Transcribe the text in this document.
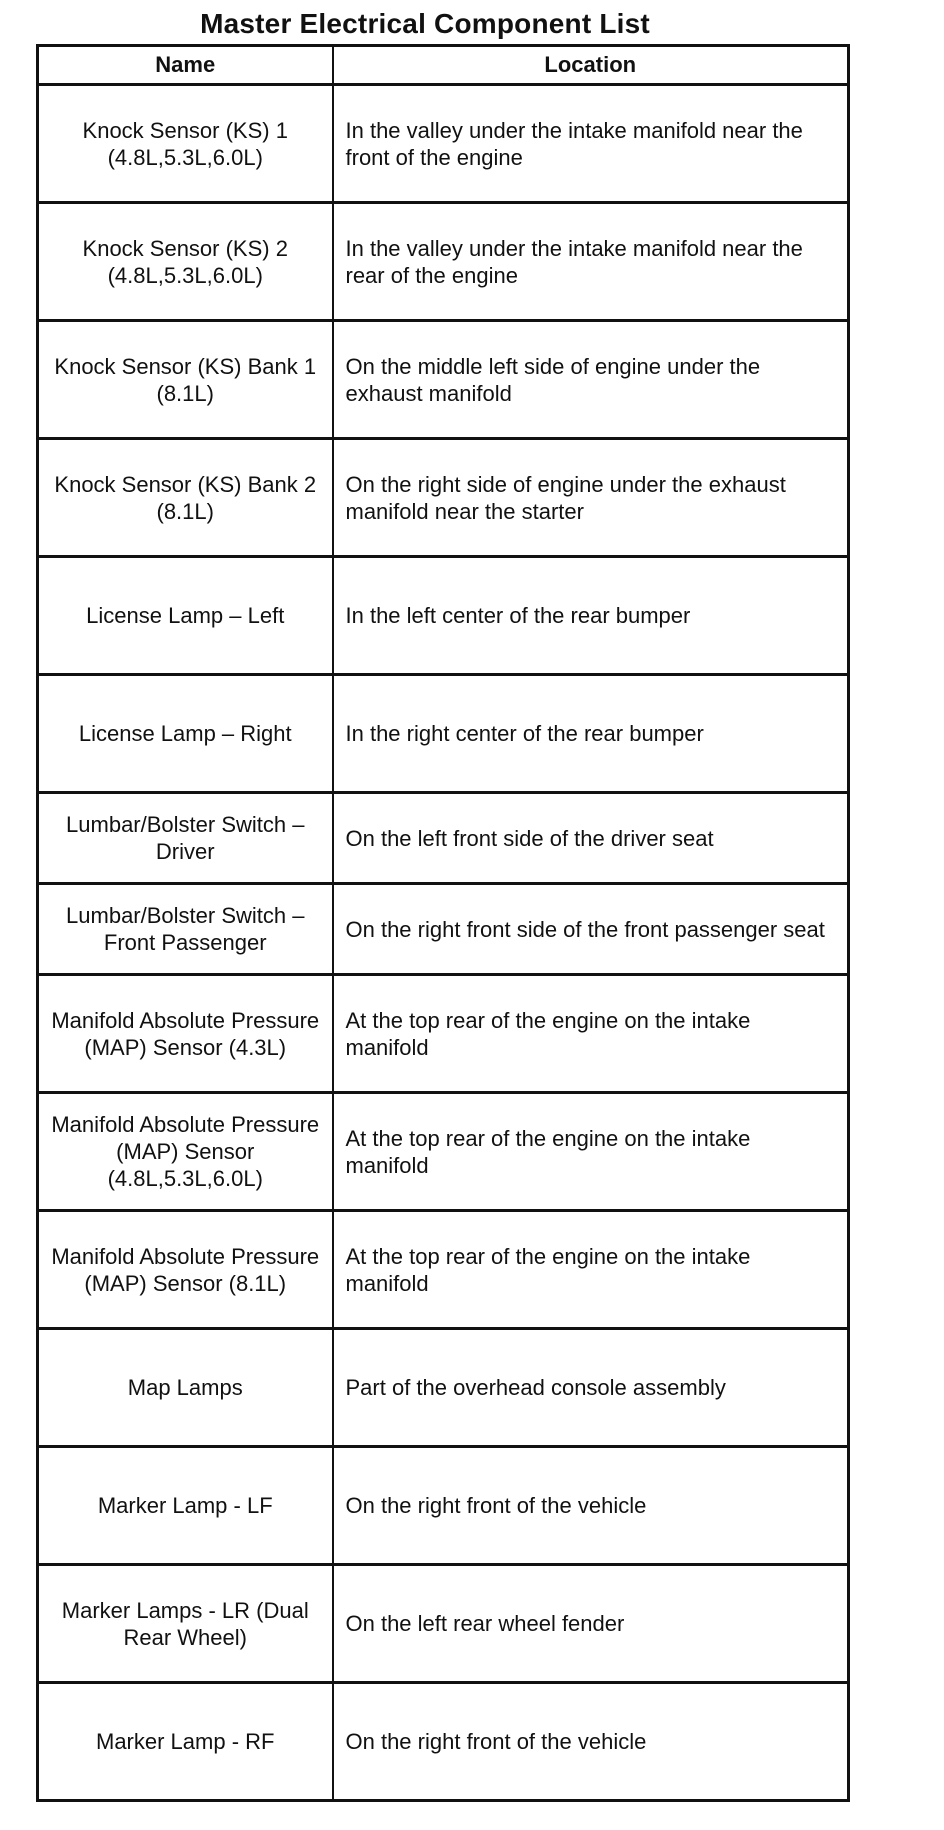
Master Electrical Component List
Name	Location
Knock Sensor (KS) 1 (4.8L,5.3L,6.0L)	In the valley under the intake manifold near the front of the engine
Knock Sensor (KS) 2 (4.8L,5.3L,6.0L)	In the valley under the intake manifold near the rear of the engine
Knock Sensor (KS) Bank 1 (8.1L)	On the middle left side of engine under the exhaust manifold
Knock Sensor (KS) Bank 2 (8.1L)	On the right side of engine under the exhaust manifold near the starter
License Lamp – Left	In the left center of the rear bumper
License Lamp – Right	In the right center of the rear bumper
Lumbar/Bolster Switch – Driver	On the left front side of the driver seat
Lumbar/Bolster Switch – Front Passenger	On the right front side of the front passenger seat
Manifold Absolute Pressure (MAP) Sensor (4.3L)	At the top rear of the engine on the intake manifold
Manifold Absolute Pressure (MAP) Sensor (4.8L,5.3L,6.0L)	At the top rear of the engine on the intake manifold
Manifold Absolute Pressure (MAP) Sensor (8.1L)	At the top rear of the engine on the intake manifold
Map Lamps	Part of the overhead console assembly
Marker Lamp - LF	On the right front of the vehicle
Marker Lamps - LR (Dual Rear Wheel)	On the left rear wheel fender
Marker Lamp - RF	On the right front of the vehicle
